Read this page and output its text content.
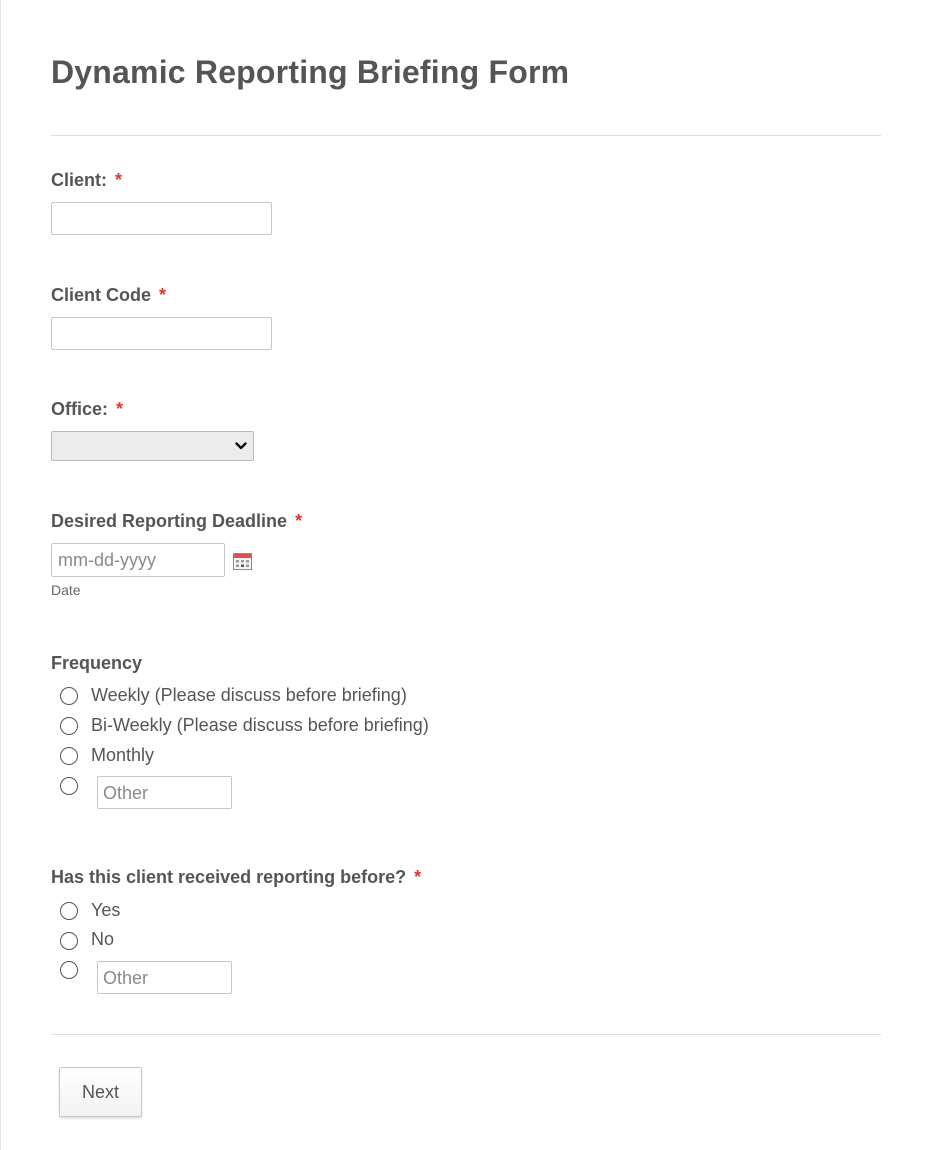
Dynamic Reporting Briefing Form
Client: *
Client Code *
Office: *
Desired Reporting Deadline *
mm-dd-yyyy
Date
Frequency
Weekly (Please discuss before briefing)
Bi-Weekly (Please discuss before briefing)
Monthly
Other
Has this client received reporting before? *
Yes
No
Other
Next
